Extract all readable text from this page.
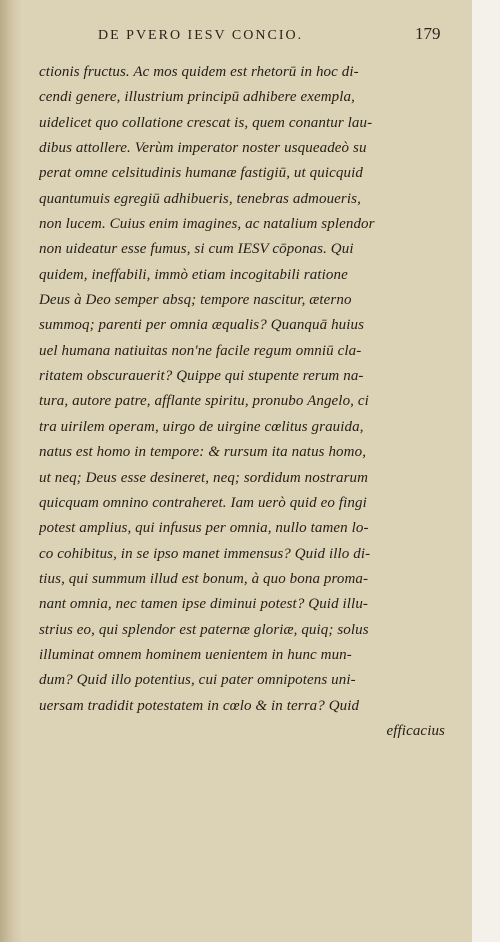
DE PVERO IESV CONCIO.	179
ctionis fructus. Ac mos quidem est rhetorū in hoc di-
cendi genere, illustrium principū adhibere exempla,
uidelicet quo collatione crescat is, quem conantur lau-
dibus attollere. Verùm imperator noster usqueadeò su
perat omne celsitudinis humanæ fastigiū, ut quicquid
quantumuis egregiū adhibueris, tenebras admoueris,
non lucem. Cuius enim imagines, ac natalium splendor
non uideatur esse fumus, si cum IESV cōponas. Qui
quidem, ineffabili, immò etiam incogitabili ratione
Deus à Deo semper absq; tempore nascitur, æterno
summoq; parenti per omnia æqualis? Quanquā huius
uel humana natiuitas non'ne facile regum omniū cla-
ritatem obscurauerit? Quippe qui stupente rerum na-
tura, autore patre, afflante spiritu, pronubo Angelo, ci
tra uirilem operam, uirgo de uirgine cœlitus grauida,
natus est homo in tempore: & rursum ita natus homo,
ut neq; Deus esse desineret, neq; sordidum nostrarum
quicquam omnino contraheret. Iam uerò quid eo fingi
potest amplius, qui infusus per omnia, nullo tamen lo-
co cohibitus, in se ipso manet immensus? Quid illo di-
tius, qui summum illud est bonum, à quo bona proma-
nant omnia, nec tamen ipse diminui potest? Quid illu-
strius eo, qui splendor est paternæ gloriæ, quiq; solus
illuminat omnem hominem uenientem in hunc mun-
dum? Quid illo potentius, cui pater omnipotens uni-
uersam tradidit potestatem in cœlo & in terra? Quid
efficacius
